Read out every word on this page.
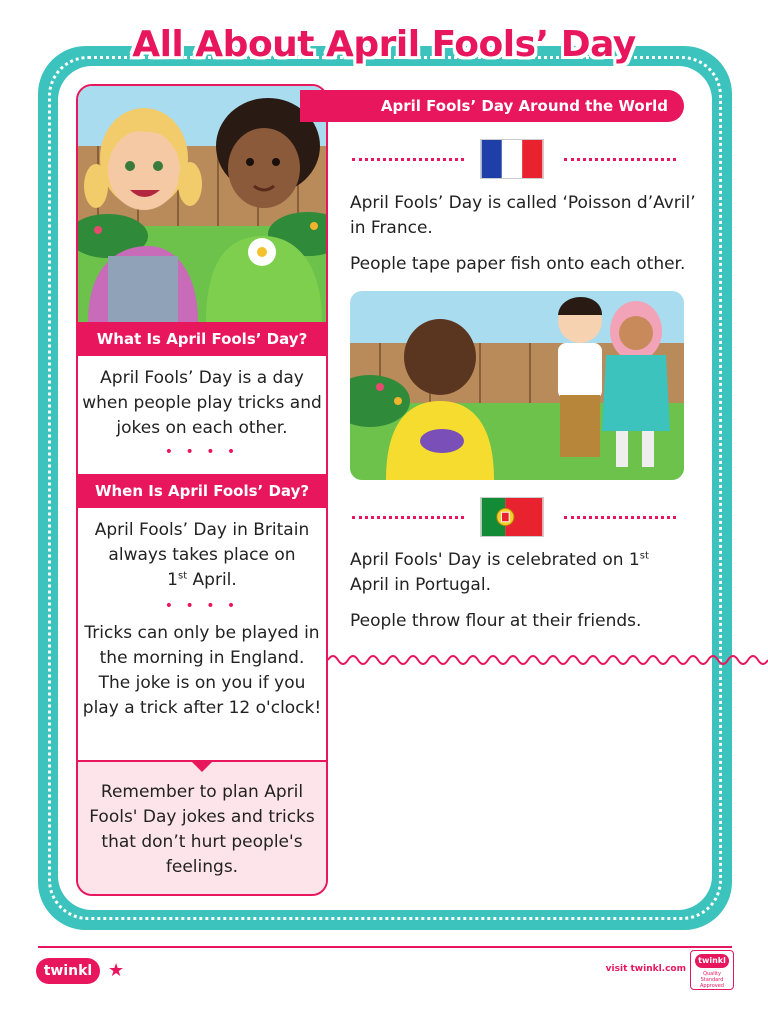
All About April Fools’ Day
What Is April Fools’ Day?
April Fools’ Day is a day when people play tricks and jokes on each other.
• • • •
When Is April Fools’ Day?
April Fools’ Day in Britain always takes place on
1st April.
• • • •
Tricks can only be played in the morning in England. The joke is on you if you play a trick after 12 o'clock!
Remember to plan April Fools' Day jokes and tricks that don’t hurt people's feelings.
April Fools’ Day Around the World
April Fools’ Day is called ‘Poisson d’Avril’ in France.
People tape paper fish onto each other.
April Fools' Day is celebrated on 1st
April in Portugal.
People throw flour at their friends.
twinkl ★	visit twinkl.com
twinkl
Quality Standard Approved
